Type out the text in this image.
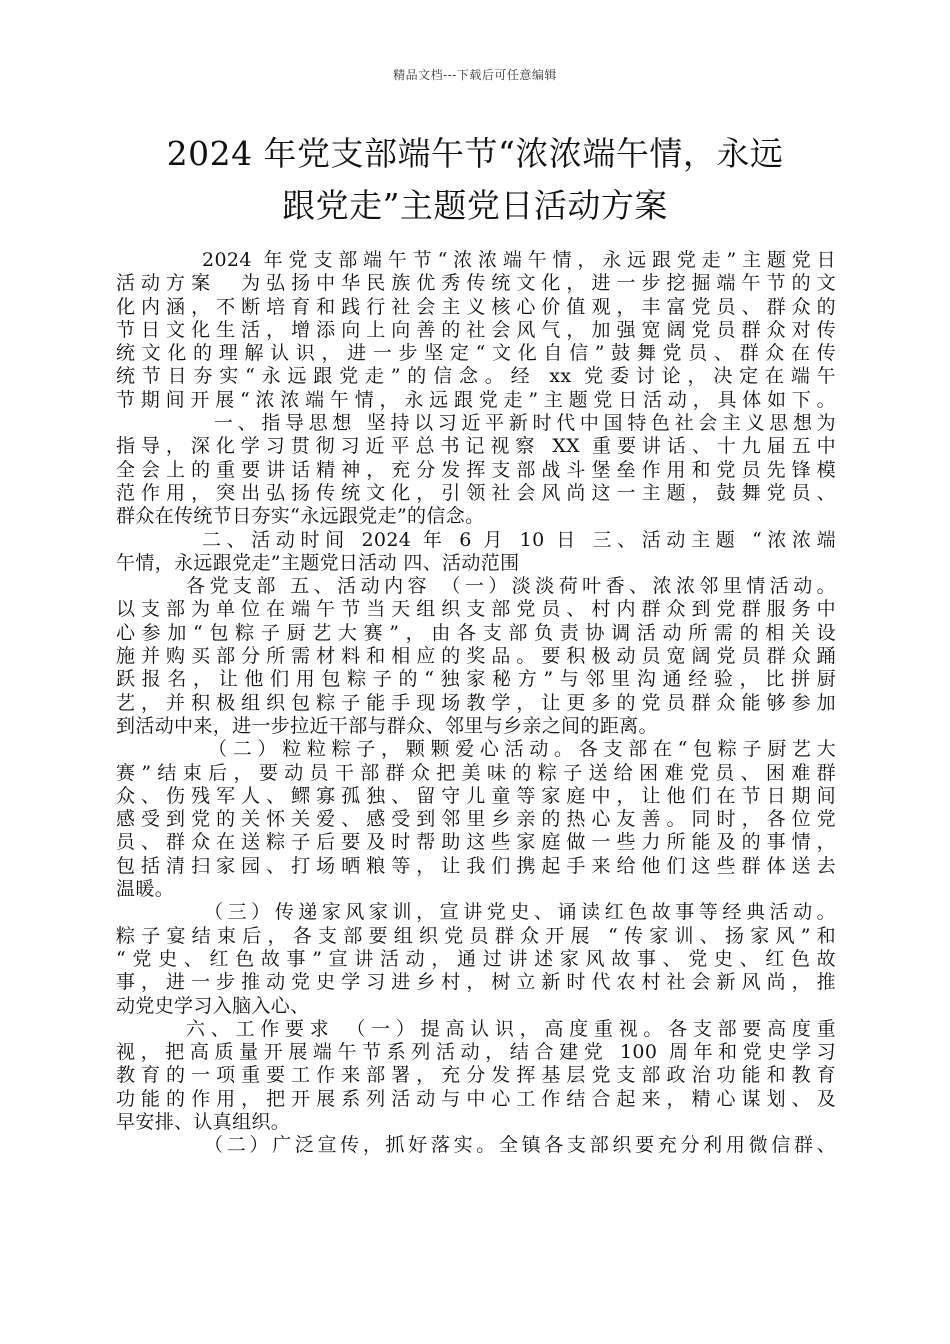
精品文档---下载后可任意编辑
2024 年党支部端午节“浓浓端午情，永远
跟党走”主题党日活动方案
2024 年党支部端午节“浓浓端午情，永远跟党走”主题党日
活动方案　为弘扬中华民族优秀传统文化，进一步挖掘端午节的文
化内涵，不断培育和践行社会主义核心价值观，丰富党员、群众的
节日文化生活，增添向上向善的社会风气，加强宽阔党员群众对传
统文化的理解认识，进一步坚定“文化自信”鼓舞党员、群众在传
统节日夯实“永远跟党走”的信念。经 xx 党委讨论，决定在端午
节期间开展“浓浓端午情，永远跟党走”主题党日活动，具体如下。
一、指导思想 坚持以习近平新时代中国特色社会主义思想为
指导，深化学习贯彻习近平总书记视察 XX 重要讲话、十九届五中
全会上的重要讲话精神，充分发挥支部战斗堡垒作用和党员先锋模
范作用，突出弘扬传统文化，引领社会风尚这一主题，鼓舞党员、
群众在传统节日夯实“永远跟党走”的信念。
二、活动时间 2024 年 6 月 10 日 三、活动主题 “浓浓端
午情，永远跟党走”主题党日活动 四、活动范围
各党支部 五、活动内容 （一）淡淡荷叶香、浓浓邻里情活动。
以支部为单位在端午节当天组织支部党员、村内群众到党群服务中
心参加“包粽子厨艺大赛”，由各支部负责协调活动所需的相关设
施并购买部分所需材料和相应的奖品。要积极动员宽阔党员群众踊
跃报名，让他们用包粽子的“独家秘方”与邻里沟通经验，比拼厨
艺，并积极组织包粽子能手现场教学，让更多的党员群众能够参加
到活动中来，进一步拉近干部与群众、邻里与乡亲之间的距离。
（二）粒粒粽子，颗颗爱心活动。各支部在“包粽子厨艺大
赛”结束后，要动员干部群众把美味的粽子送给困难党员、困难群
众、伤残军人、鳏寡孤独、留守儿童等家庭中，让他们在节日期间
感受到党的关怀关爱、感受到邻里乡亲的热心友善。同时，各位党
员、群众在送粽子后要及时帮助这些家庭做一些力所能及的事情，
包括清扫家园、打场晒粮等，让我们携起手来给他们这些群体送去
温暖。
（三）传递家风家训，宣讲党史、诵读红色故事等经典活动。
粽子宴结束后，各支部要组织党员群众开展 “传家训、扬家风”和
“党史、红色故事”宣讲活动，通过讲述家风故事、党史、红色故
事，进一步推动党史学习进乡村，树立新时代农村社会新风尚，推
动党史学习入脑入心、
六、工作要求 （一）提高认识，高度重视。各支部要高度重
视，把高质量开展端午节系列活动，结合建党 100 周年和党史学习
教育的一项重要工作来部署，充分发挥基层党支部政治功能和教育
功能的作用，把开展系列活动与中心工作结合起来，精心谋划、及
早安排、认真组织。
（二）广泛宣传，抓好落实。全镇各支部织要充分利用微信群、
